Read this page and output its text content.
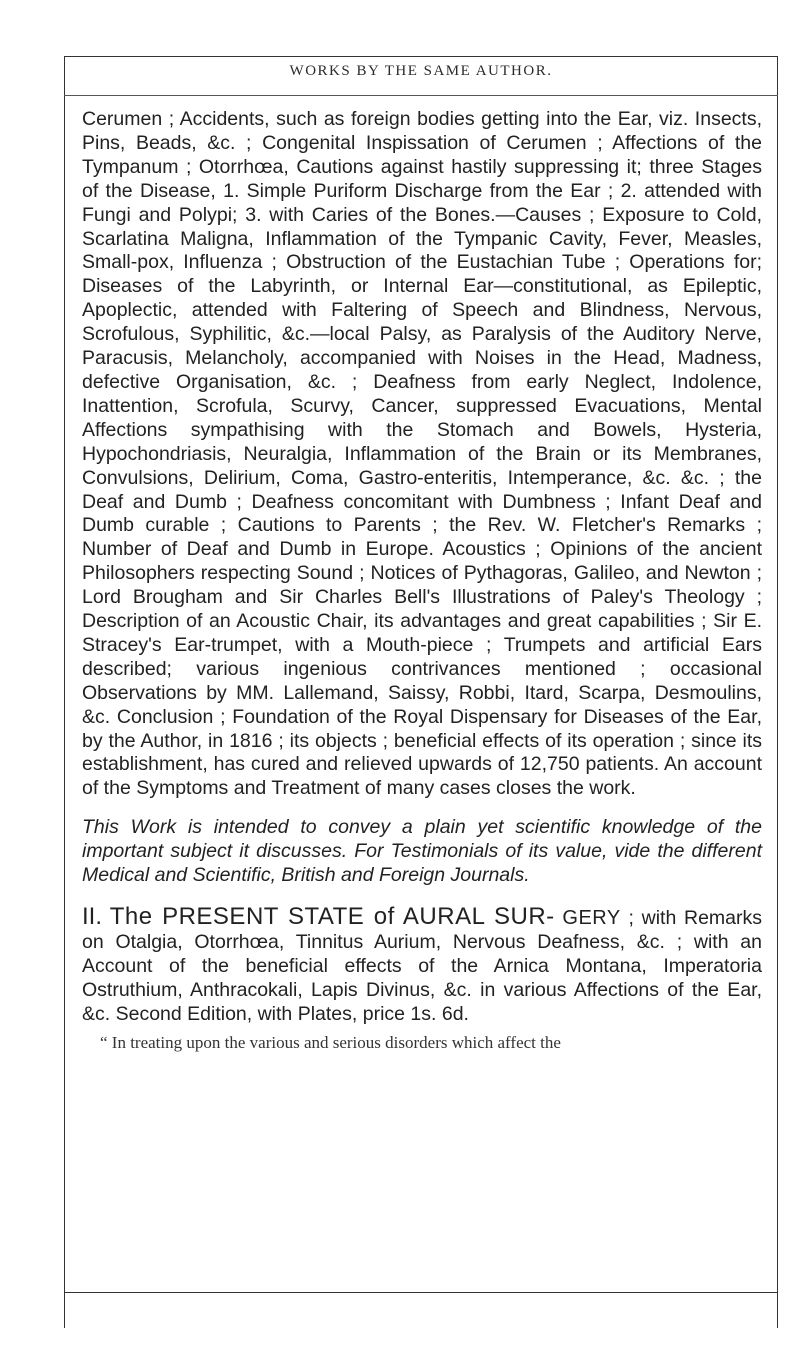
WORKS BY THE SAME AUTHOR.

Cerumen ; Accidents, such as foreign bodies getting into the Ear, viz. Insects, Pins, Beads, &c. ; Congenital Inspissation of Cerumen ; Affections of the Tympanum ; Otorrhœa, Cautions against hastily suppressing it; three Stages of the Disease, 1. Simple Puriform Discharge from the Ear ; 2. attended with Fungi and Polypi; 3. with Caries of the Bones.—Causes ; Exposure to Cold, Scarlatina Maligna, Inflammation of the Tympanic Cavity, Fever, Measles, Small-pox, Influenza ; Obstruction of the Eustachian Tube ; Operations for; Diseases of the Labyrinth, or Internal Ear—constitutional, as Epileptic, Apoplectic, attended with Faltering of Speech and Blindness, Nervous, Scrofulous, Syphilitic, &c.—local Palsy, as Paralysis of the Auditory Nerve, Paracusis, Melancholy, accompanied with Noises in the Head, Madness, defective Organisation, &c. ; Deafness from early Neglect, Indolence, Inattention, Scrofula, Scurvy, Cancer, suppressed Evacuations, Mental Affections sympathising with the Stomach and Bowels, Hysteria, Hypochondriasis, Neuralgia, Inflammation of the Brain or its Membranes, Convulsions, Delirium, Coma, Gastro-enteritis, Intemperance, &c. &c. ; the Deaf and Dumb ; Deafness concomitant with Dumbness ; Infant Deaf and Dumb curable ; Cautions to Parents ; the Rev. W. Fletcher's Remarks ; Number of Deaf and Dumb in Europe. Acoustics ; Opinions of the ancient Philosophers respecting Sound ; Notices of Pythagoras, Galileo, and Newton ; Lord Brougham and Sir Charles Bell's Illustrations of Paley's Theology ; Description of an Acoustic Chair, its advantages and great capabilities ; Sir E. Stracey's Ear-trumpet, with a Mouth-piece ; Trumpets and artificial Ears described; various ingenious contrivances mentioned ; occasional Observations by MM. Lallemand, Saissy, Robbi, Itard, Scarpa, Desmoulins, &c. Conclusion ; Foundation of the Royal Dispensary for Diseases of the Ear, by the Author, in 1816 ; its objects ; beneficial effects of its operation ; since its establishment, has cured and relieved upwards of 12,750 patients. An account of the Symptoms and Treatment of many cases closes the work.

This Work is intended to convey a plain yet scientific knowledge of the important subject it discusses. For Testimonials of its value, vide the different Medical and Scientific, British and Foreign Journals.

II. The PRESENT STATE of AURAL SUR- GERY ; with Remarks on Otalgia, Otorrhœa, Tinnitus Aurium, Nervous Deafness, &c. ; with an Account of the beneficial effects of the Arnica Montana, Imperatoria Ostruthium, Anthracokali, Lapis Divinus, &c. in various Affections of the Ear, &c. Second Edition, with Plates, price 1s. 6d.
“ In treating upon the various and serious disorders which affect the
